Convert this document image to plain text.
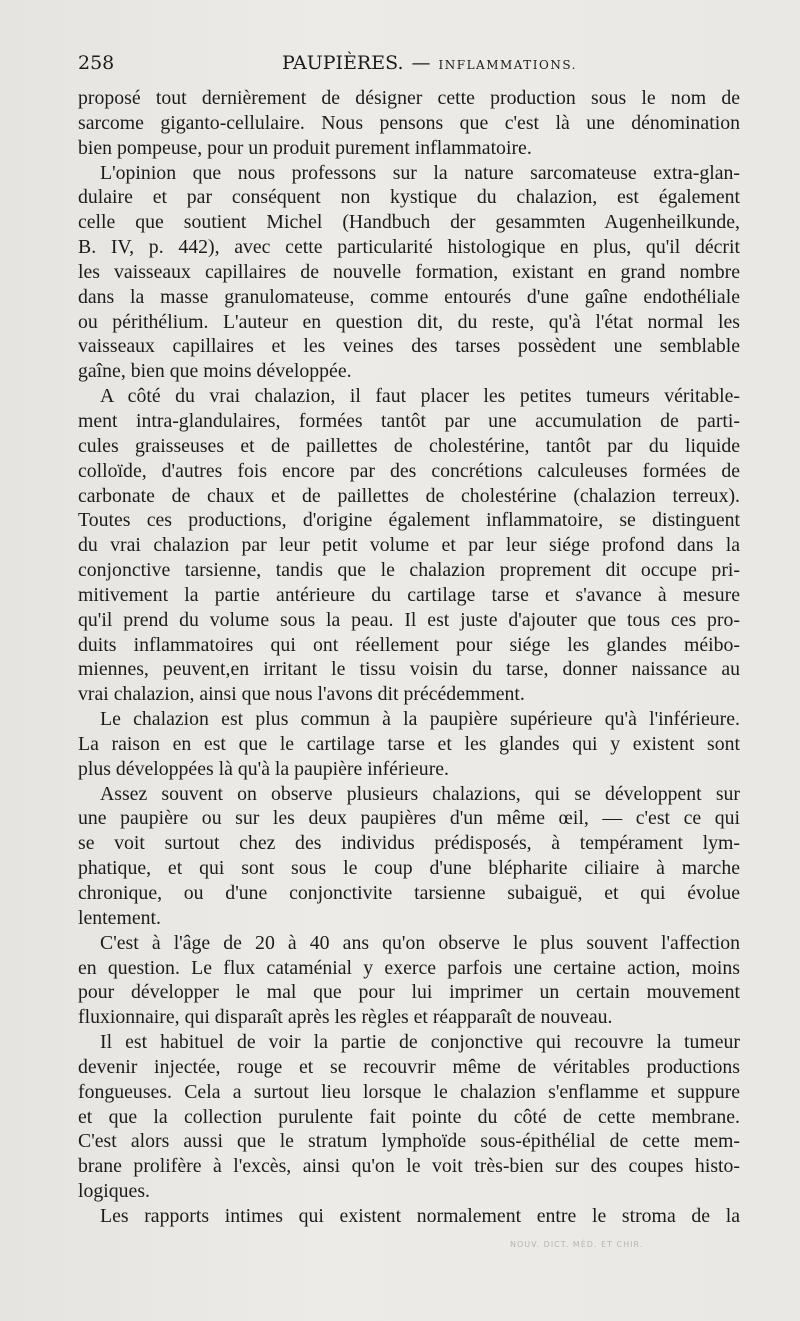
258	PAUPIÈRES. — INFLAMMATIONS.
proposé tout dernièrement de désigner cette production sous le nom de
sarcome giganto-cellulaire. Nous pensons que c'est là une dénomination
bien pompeuse, pour un produit purement inflammatoire.
L'opinion que nous professons sur la nature sarcomateuse extra-glan-
dulaire et par conséquent non kystique du chalazion, est également
celle que soutient Michel (Handbuch der gesammten Augenheilkunde,
B. IV, p. 442), avec cette particularité histologique en plus, qu'il décrit
les vaisseaux capillaires de nouvelle formation, existant en grand nombre
dans la masse granulomateuse, comme entourés d'une gaîne endothéliale
ou périthélium. L'auteur en question dit, du reste, qu'à l'état normal les
vaisseaux capillaires et les veines des tarses possèdent une semblable
gaîne, bien que moins développée.
A côté du vrai chalazion, il faut placer les petites tumeurs véritable-
ment intra-glandulaires, formées tantôt par une accumulation de parti-
cules graisseuses et de paillettes de cholestérine, tantôt par du liquide
colloïde, d'autres fois encore par des concrétions calculeuses formées de
carbonate de chaux et de paillettes de cholestérine (chalazion terreux).
Toutes ces productions, d'origine également inflammatoire, se distinguent
du vrai chalazion par leur petit volume et par leur siége profond dans la
conjonctive tarsienne, tandis que le chalazion proprement dit occupe pri-
mitivement la partie antérieure du cartilage tarse et s'avance à mesure
qu'il prend du volume sous la peau. Il est juste d'ajouter que tous ces pro-
duits inflammatoires qui ont réellement pour siége les glandes méibo-
miennes, peuvent,en irritant le tissu voisin du tarse, donner naissance au
vrai chalazion, ainsi que nous l'avons dit précédemment.
Le chalazion est plus commun à la paupière supérieure qu'à l'inférieure.
La raison en est que le cartilage tarse et les glandes qui y existent sont
plus développées là qu'à la paupière inférieure.
Assez souvent on observe plusieurs chalazions, qui se développent sur
une paupière ou sur les deux paupières d'un même œil, — c'est ce qui
se voit surtout chez des individus prédisposés, à tempérament lym-
phatique, et qui sont sous le coup d'une blépharite ciliaire à marche
chronique, ou d'une conjonctivite tarsienne subaiguë, et qui évolue
lentement.
C'est à l'âge de 20 à 40 ans qu'on observe le plus souvent l'affection
en question. Le flux cataménial y exerce parfois une certaine action, moins
pour développer le mal que pour lui imprimer un certain mouvement
fluxionnaire, qui disparaît après les règles et réapparaît de nouveau.
Il est habituel de voir la partie de conjonctive qui recouvre la tumeur
devenir injectée, rouge et se recouvrir même de véritables productions
fongueuses. Cela a surtout lieu lorsque le chalazion s'enflamme et suppure
et que la collection purulente fait pointe du côté de cette membrane.
C'est alors aussi que le stratum lymphoïde sous-épithélial de cette mem-
brane prolifère à l'excès, ainsi qu'on le voit très-bien sur des coupes histo-
logiques.
Les rapports intimes qui existent normalement entre le stroma de la
NOUV. DICT. MÉD. ET CHIR.
